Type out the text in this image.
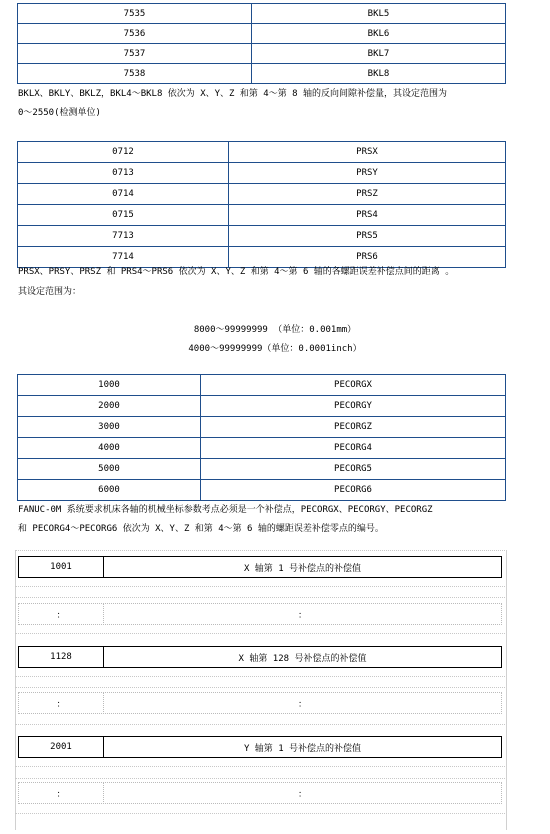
7535	BKL5
7536	BKL6
7537	BKL7
7538	BKL8
BKLX、BKLY、BKLZ，BKL4～BKL8 依次为 X、Y、Z 和第 4～第 8 轴的反向间隙补偿量，其设定范围为
0～2550(检测单位)
0712	PRSX
0713	PRSY
0714	PRSZ
0715	PRS4
7713	PRS5
7714	PRS6
PRSX、PRSY、PRSZ 和 PRS4～PRS6 依次为 X、Y、Z 和第 4～第 6 轴的各螺距误差补偿点间的距离 。
其设定范围为：
8000～99999999 （单位：0.001mm）
4000～99999999（单位：0.0001inch）
1000	PECORGX
2000	PECORGY
3000	PECORGZ
4000	PECORG4
5000	PECORG5
6000	PECORG6
FANUC-0M 系统要求机床各轴的机械坐标参数考点必须是一个补偿点，PECORGX、PECORGY、PECORGZ
和 PECORG4～PECORG6 依次为 X、Y、Z 和第 4～第 6 轴的螺距误差补偿零点的编号。
1001	X 轴第 1 号补偿点的补偿值
：	：
1128	X 轴第 128 号补偿点的补偿值
：	：
2001	Y 轴第 1 号补偿点的补偿值
：	：
